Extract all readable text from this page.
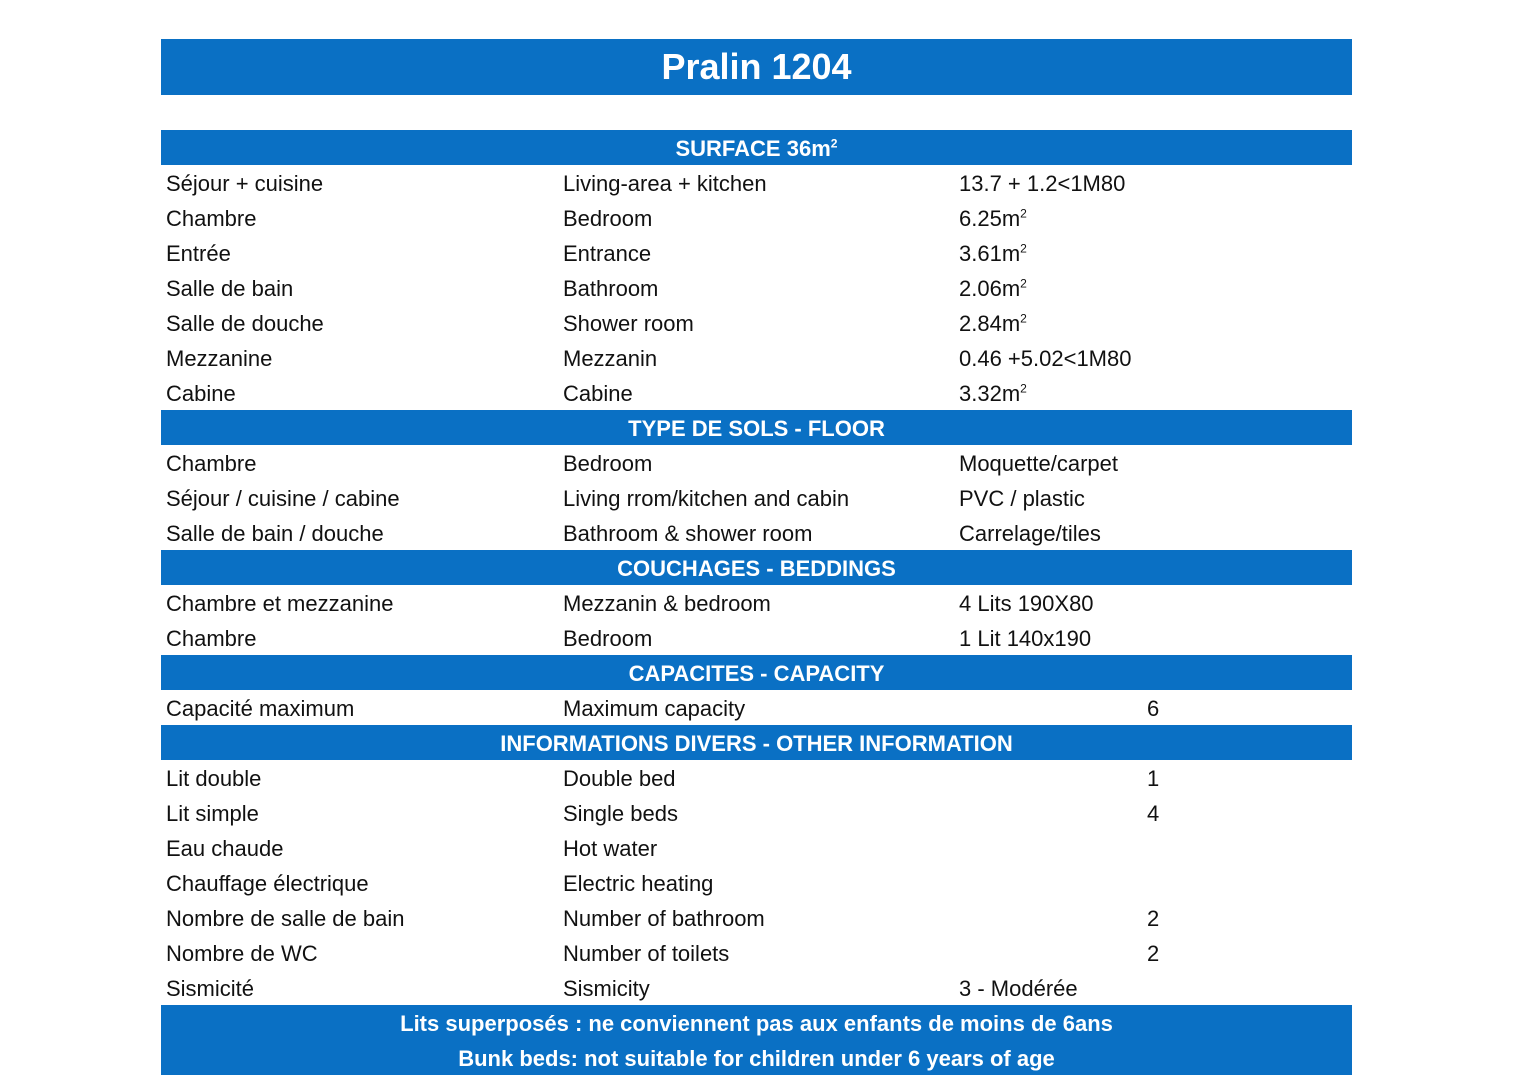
Pralin 1204
SURFACE $36m^2$
Séjour + cuisine	Living-area + kitchen	13.7 + 1.2<1M80
Chambre	Bedroom	$6.25m^2$
Entrée	Entrance	$3.61m^2$
Salle de bain	Bathroom	$2.06m^2$
Salle de douche	Shower room	$2.84m^2$
Mezzanine	Mezzanin	0.46 +5.02<1M80
Cabine	Cabine	$3.32m^2$
TYPE DE SOLS - FLOOR
Chambre	Bedroom	Moquette/carpet
Séjour / cuisine / cabine	Living rrom/kitchen and cabin	PVC / plastic
Salle de bain / douche	Bathroom & shower room	Carrelage/tiles
COUCHAGES - BEDDINGS
Chambre et mezzanine	Mezzanin & bedroom	4 Lits 190X80
Chambre	Bedroom	1 Lit 140x190
CAPACITES - CAPACITY
Capacité maximum	Maximum capacity	6
INFORMATIONS DIVERS - OTHER INFORMATION
Lit double	Double bed	1
Lit simple	Single beds	4
Eau chaude	Hot water
Chauffage électrique	Electric heating
Nombre de salle de bain	Number of bathroom	2
Nombre de WC	Number of toilets	2
Sismicité	Sismicity	3 - Modérée
Lits superposés : ne conviennent pas aux enfants de moins de 6ans
Bunk beds: not suitable for children under 6 years of age
